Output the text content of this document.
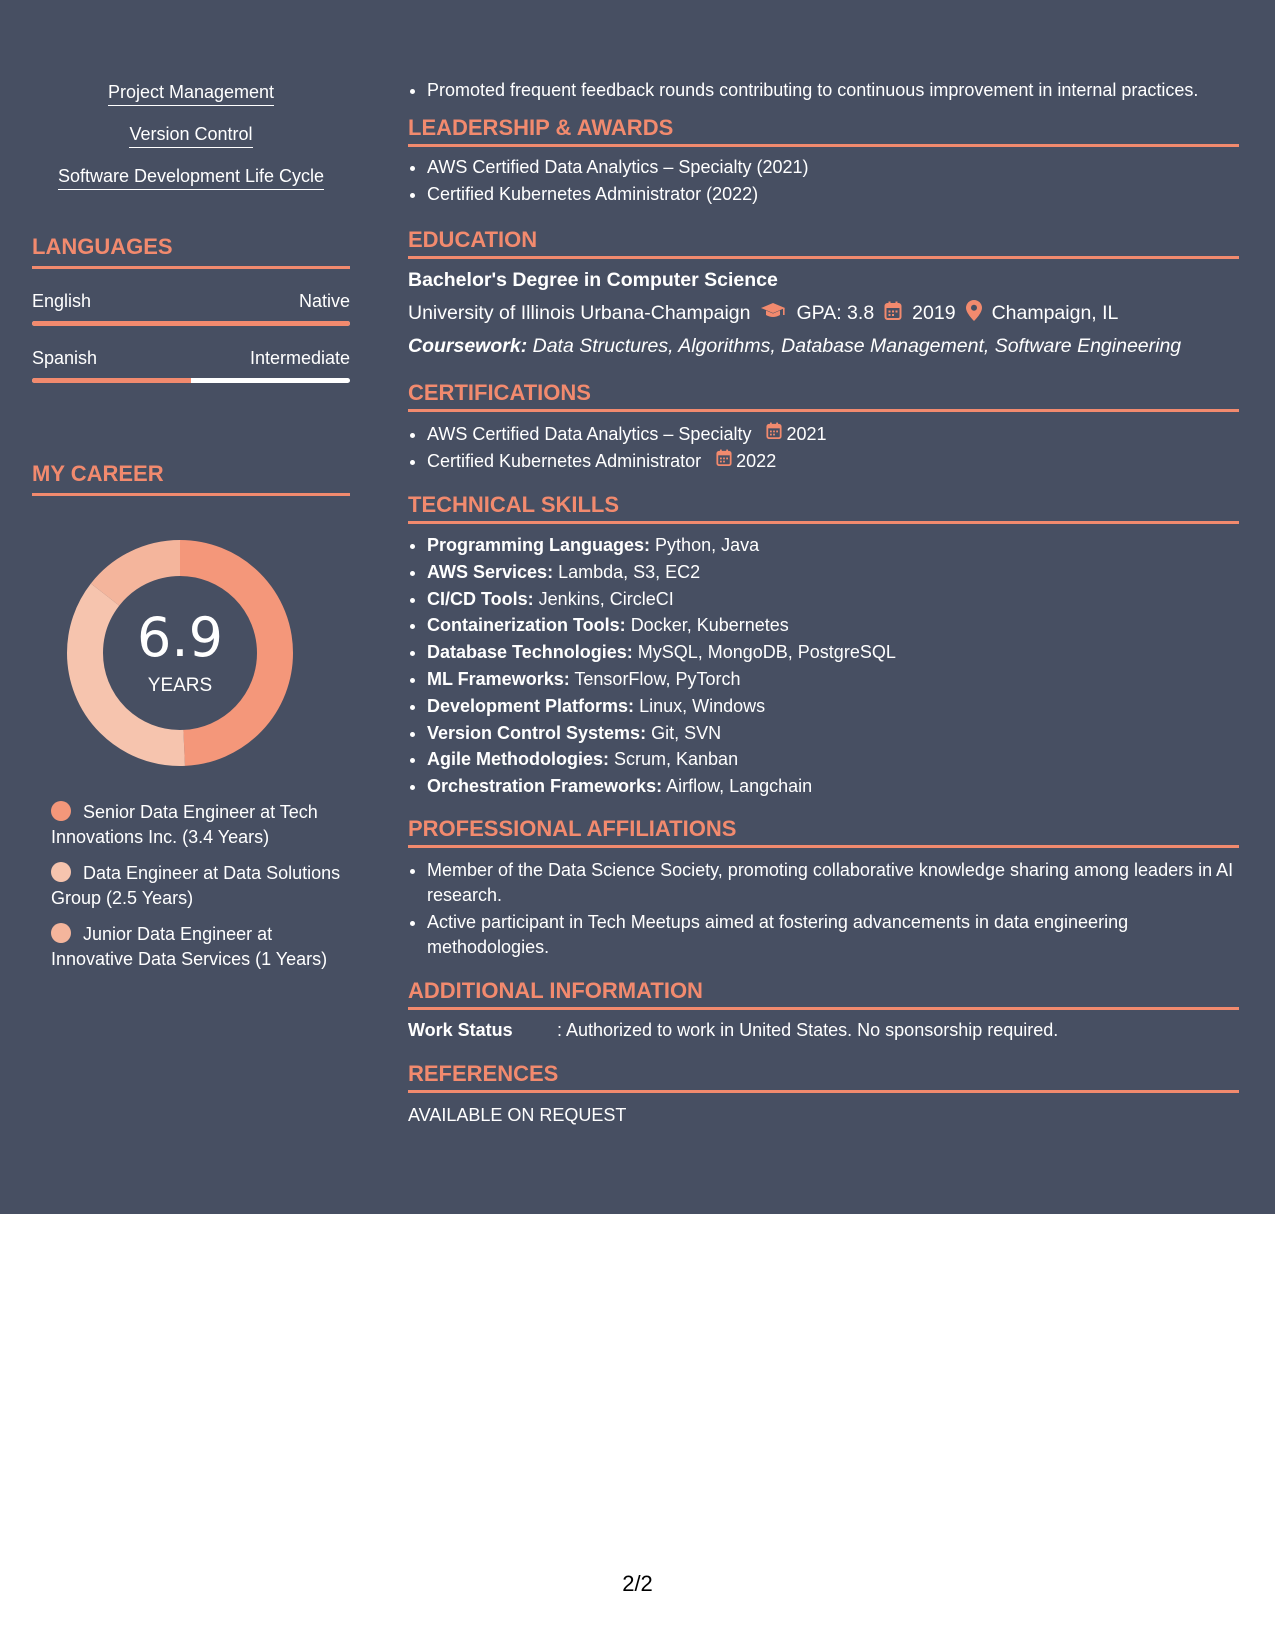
Project Management
Version Control
Software Development Life Cycle
LANGUAGES
English	Native
Spanish	Intermediate
MY CAREER
6.9
YEARS
Senior Data Engineer at Tech Innovations Inc. (3.4 Years)
Data Engineer at Data Solutions Group (2.5 Years)
Junior Data Engineer at Innovative Data Services (1 Years)
• Promoted frequent feedback rounds contributing to continuous improvement in internal practices.
LEADERSHIP & AWARDS
• AWS Certified Data Analytics – Specialty (2021)
• Certified Kubernetes Administrator (2022)
EDUCATION
Bachelor's Degree in Computer Science
University of Illinois Urbana-Champaign GPA: 3.8 2019 Champaign, IL
Coursework: Data Structures, Algorithms, Database Management, Software Engineering
CERTIFICATIONS
• AWS Certified Data Analytics – Specialty 2021
• Certified Kubernetes Administrator 2022
TECHNICAL SKILLS
• Programming Languages: Python, Java
• AWS Services: Lambda, S3, EC2
• CI/CD Tools: Jenkins, CircleCI
• Containerization Tools: Docker, Kubernetes
• Database Technologies: MySQL, MongoDB, PostgreSQL
• ML Frameworks: TensorFlow, PyTorch
• Development Platforms: Linux, Windows
• Version Control Systems: Git, SVN
• Agile Methodologies: Scrum, Kanban
• Orchestration Frameworks: Airflow, Langchain
PROFESSIONAL AFFILIATIONS
• Member of the Data Science Society, promoting collaborative knowledge sharing among leaders in AI research.
• Active participant in Tech Meetups aimed at fostering advancements in data engineering methodologies.
ADDITIONAL INFORMATION
Work Status	: Authorized to work in United States. No sponsorship required.
REFERENCES
AVAILABLE ON REQUEST
2/2
